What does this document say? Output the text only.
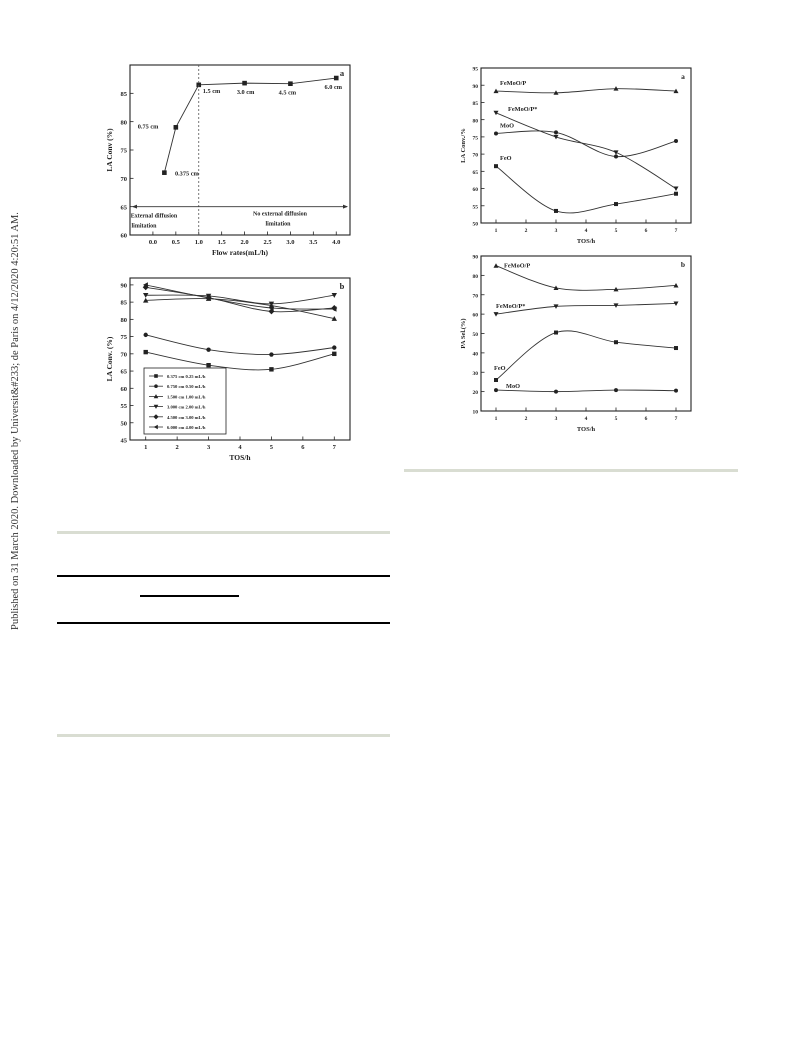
Published on 31 March 2020. Downloaded by Universit&#233; de Paris on 4/12/2020 4:20:51 AM.	60
65
70
75
80
85
0.0 0.5 1.0 1.5 2.0 2.5 3.0 3.5 4.0
Flow rates(mL/h)
LA Conv (%)
a
External diffusion
limitation
No external diffusion
limitation
0.375 cm
0.75 cm
1.5 cm	3.0 cm	4.5 cm
6.0 cm
45
50
55
60
65
70
75
80
85
90
1	2	3	4	5	6	7
TOS/h
LA Conv. (%)
b
0.375 cm 0.25 mL/h
0.750 cm 0.50 mL/h
1.500 cm 1.00 mL/h
3.000 cm 2.00 mL/h
4.500 cm 3.00 mL/h
6.000 cm 4.00 mL/h
50
55
60
65
70
75
80
85
90
95
1	2	3	4	5	6	7
TOS/h
LA Conv./%
a
FeMoO/P
FeMoO/P*
MoO
FeO
10
20
30
40
50
60
70
80
90
1	2	3	4	5	6	7
TOS/h
PA Sel.(%)
b
FeMoO/P
FeMoO/P*
FeO
MoO
